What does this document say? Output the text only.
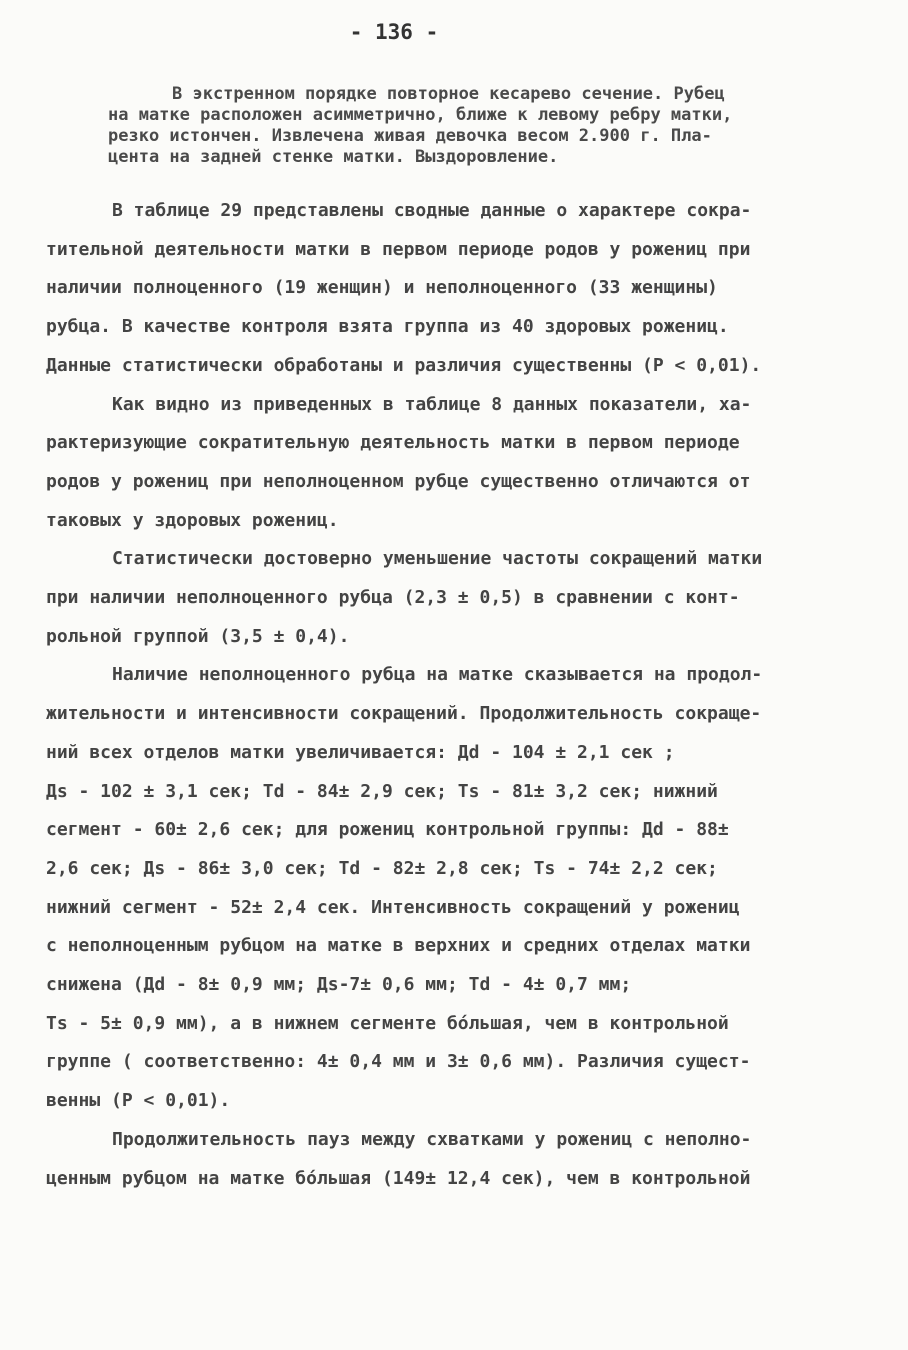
- 136 -
В экстренном порядке повторное кесарево сечение. Рубец
на матке расположен асимметрично, ближе к левому ребру матки,
резко истончен. Извлечена живая девочка весом 2.900 г. Пла-
цента на задней стенке матки. Выздоровление.
В таблице 29 представлены сводные данные о характере сокра-
тительной деятельности матки в первом периоде родов у рожениц при
наличии полноценного (19 женщин) и неполноценного (33 женщины)
рубца. В качестве контроля взята группа из 40 здоровых рожениц.
Данные статистически обработаны и различия существенны (P < 0,01).
Как видно из приведенных в таблице 8 данных показатели, ха-
рактеризующие сократительную деятельность матки в первом периоде
родов у рожениц при неполноценном рубце существенно отличаются от
таковых у здоровых рожениц.
Статистически достоверно уменьшение частоты сокращений матки
при наличии неполноценного рубца (2,3 ± 0,5) в сравнении с конт-
рольной группой (3,5 ± 0,4).
Наличие неполноценного рубца на матке сказывается на продол-
жительности и интенсивности сокращений. Продолжительность сокраще-
ний всех отделов матки увеличивается: Дd - 104 ± 2,1 сек ;
Дs - 102 ± 3,1 сек; Тd - 84± 2,9 сек; Тs - 81± 3,2 сек; нижний
сегмент - 60± 2,6 сек; для рожениц контрольной группы: Дd - 88±
2,6 сек; Дs - 86± 3,0 сек; Тd - 82± 2,8 сек; Тs - 74± 2,2 сек;
нижний сегмент - 52± 2,4 сек. Интенсивность сокращений у рожениц
с неполноценным рубцом на матке в верхних и средних отделах матки
снижена (Дd - 8± 0,9 мм; Дs-7± 0,6 мм; Тd - 4± 0,7 мм;
Тs - 5± 0,9 мм), а в нижнем сегменте бóльшая, чем в контрольной
группе ( соответственно: 4± 0,4 мм и 3± 0,6 мм). Различия сущест-
венны (P < 0,01).
Продолжительность пауз между схватками у рожениц с неполно-
ценным рубцом на матке бóльшая (149± 12,4 сек), чем в контрольной
